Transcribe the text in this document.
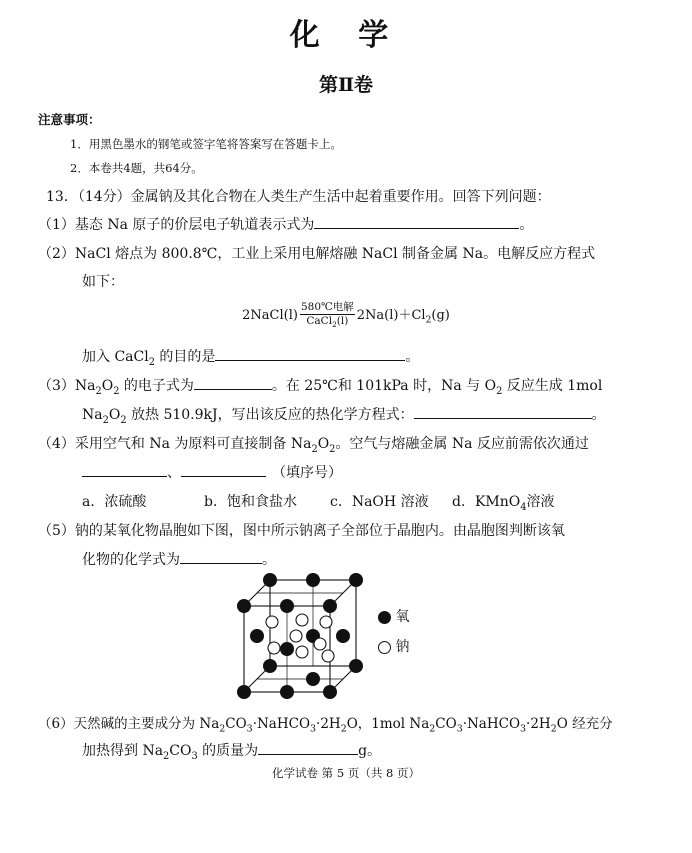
化 学
第Ⅱ卷
注意事项：
1．用黑色墨水的钢笔或签字笔将答案写在答题卡上。
2．本卷共4题，共64分。
13．（14分）金属钠及其化合物在人类生产生活中起着重要作用。回答下列问题：
（1）基态 Na 原子的价层电子轨道表示式为	。
（2）NaCl 熔点为 800.8℃，工业上采用电解熔融 NaCl 制备金属 Na。电解反应方程式
如下：
2NaCl(l) $\frac{\text{580℃电解}}{CaCl_2(l)} 2Na(l)+Cl_2(g)$
加入 CaCl$_2$ 的目的是	。
$(3)Na_2O_2$ 的电子式为	。在 25℃和 101kPa 时，Na 与 $O_2$ 反应生成 1mol
$Na_2O_2$ 放热 510.9kJ，写出该反应的热化学方程式：	。
（4）采用空气和 Na 为原料可直接制备 $Na_2O_2$。空气与熔融金属 Na 反应前需依次通过
、	（填序号）
a．浓硫酸	b．饱和食盐水 c．NaOH 溶液 d．KMnO$_4$溶液
（5）钠的某氧化物晶胞如下图，图中所示钠离子全部位于晶胞内。由晶胞图判断该氧
化物的化学式为	。
氧
钠
（6）天然碱的主要成分为 $Na_2CO_3\cdot NaHCO_3\cdot 2H_2O$，1mol $Na_2CO_3\cdot NaHCO_3\cdot 2H_2O$ 经充分
加热得到 $Na_2CO_3$ 的质量为	g。
化学试卷 第 5 页（共 8 页）
